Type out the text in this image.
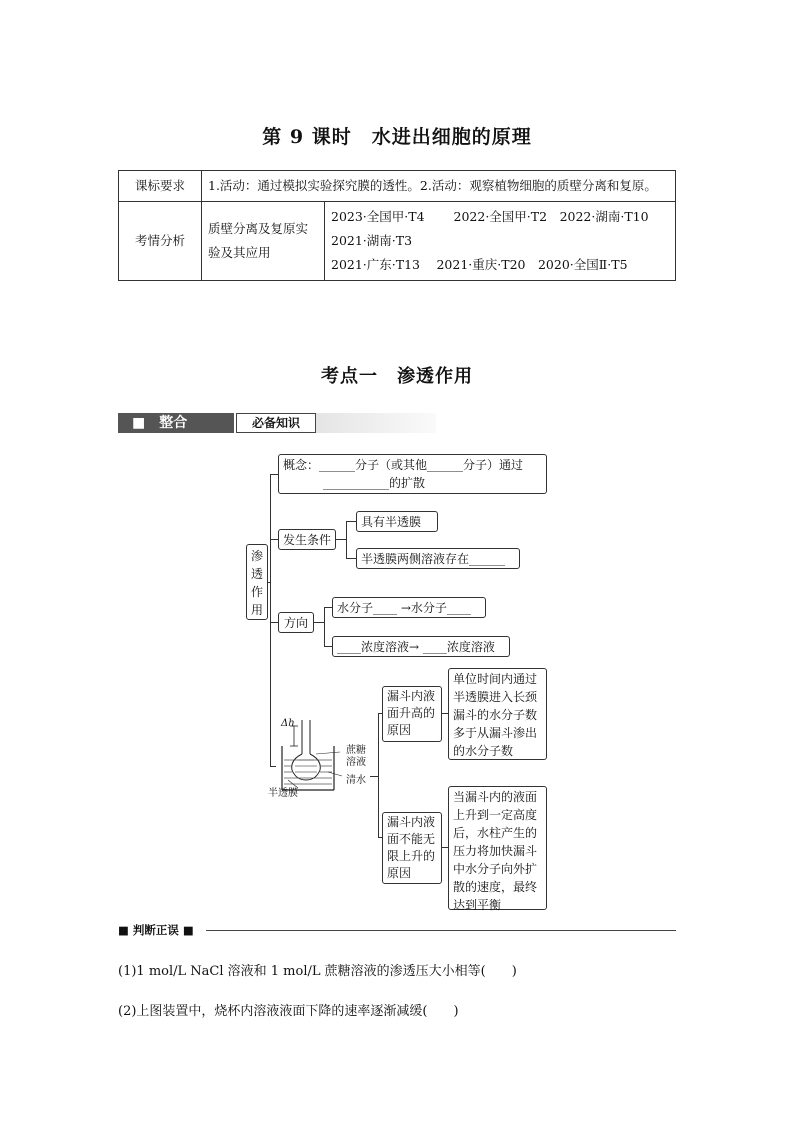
第 9 课时　水进出细胞的原理
课标要求	1.活动：通过模拟实验探究膜的透性。2.活动：观察植物细胞的质壁分离和复原。	
考情分析	质壁分离及复原实验及其应用	2023·全国甲·T4　　 2022·全国甲·T2　2022·湖南·T10
2021·湖南·T3
2021·广东·T13　 2021·重庆·T20　2020·全国Ⅱ·T5
考点一　渗透作用
■　整合	必备知识
渗透作用
概念：______分子（或其他______分子）通过
___________的扩散
发生条件
具有半透膜
半透膜两侧溶液存在______
方向
水分子____ →水分子____
____浓度溶液→ ____浓度溶液
Δh
蔗糖溶液
清水
半透膜
漏斗内液面升高的原因
单位时间内通过半透膜进入长颈漏斗的水分子数多于从漏斗渗出的水分子数
漏斗内液面不能无限上升的原因
当漏斗内的液面上升到一定高度后，水柱产生的压力将加快漏斗中水分子向外扩散的速度，最终达到平衡
■ 判断正误 ■
(1)1 mol/L NaCl 溶液和 1 mol/L 蔗糖溶液的渗透压大小相等(　　)
(2)上图装置中，烧杯内溶液液面下降的速率逐渐减缓(　　)
